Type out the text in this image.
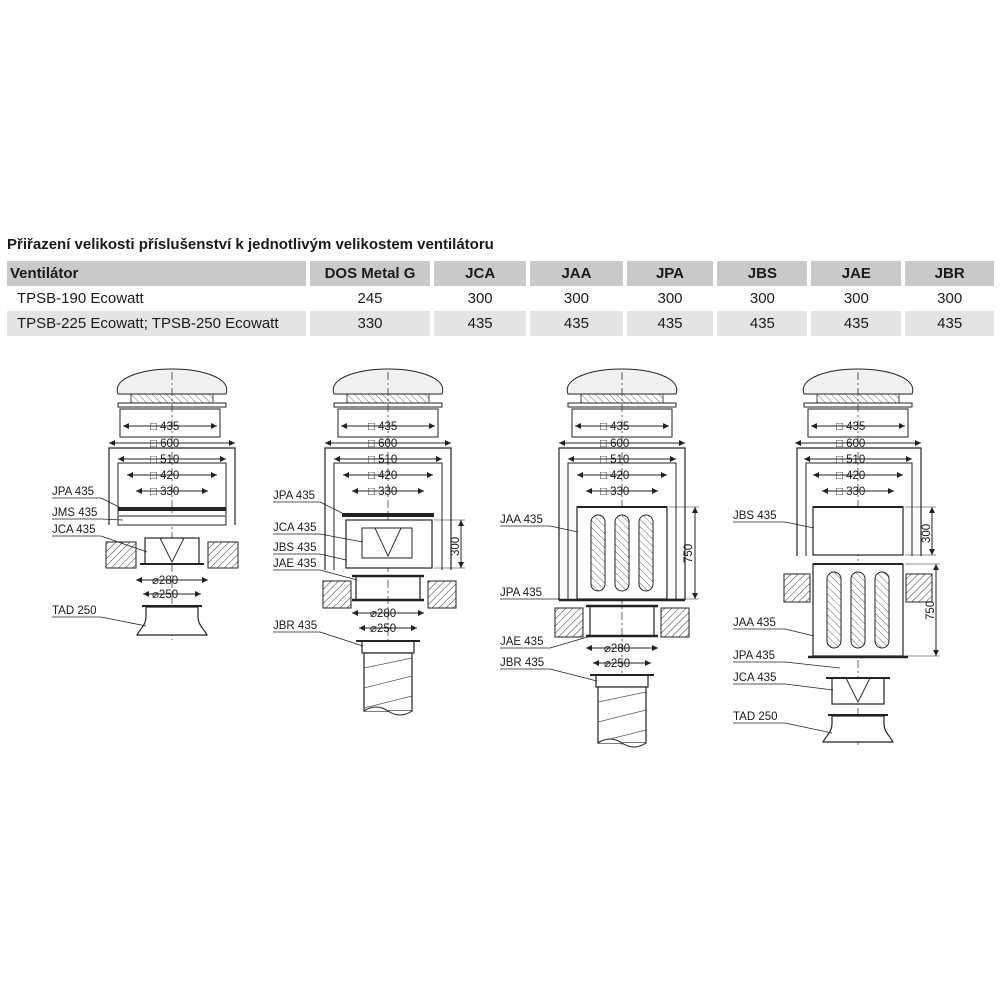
Přiřazení velikosti příslušenství k jednotlivým velikostem ventilátoru
Ventilátor	DOS Metal G	JCA	JAA	JPA	JBS	JAE	JBR
TPSB-190 Ecowatt	245	300	300	300	300	300	300
TPSB-225 Ecowatt; TPSB-250 Ecowatt	330	435	435	435	435	435	435
□ 435
□ 600
□ 510
□ 420
□ 330
⌀280
⌀250
JPA 435
JMS 435
JCA 435
TAD 250
□ 435
□ 600
□ 510
□ 420
□ 330
300
⌀280
⌀250
JPA 435
JCA 435
JBS 435
JAE 435
JBR 435
□ 435
□ 600
□ 510
□ 420
□ 330
750
⌀280
⌀250
JAA 435
JPA 435
JAE 435
JBR 435
□ 435
□ 600
□ 510
□ 420
□ 330
300
750
JBS 435
JAA 435
JPA 435
JCA 435
TAD 250
